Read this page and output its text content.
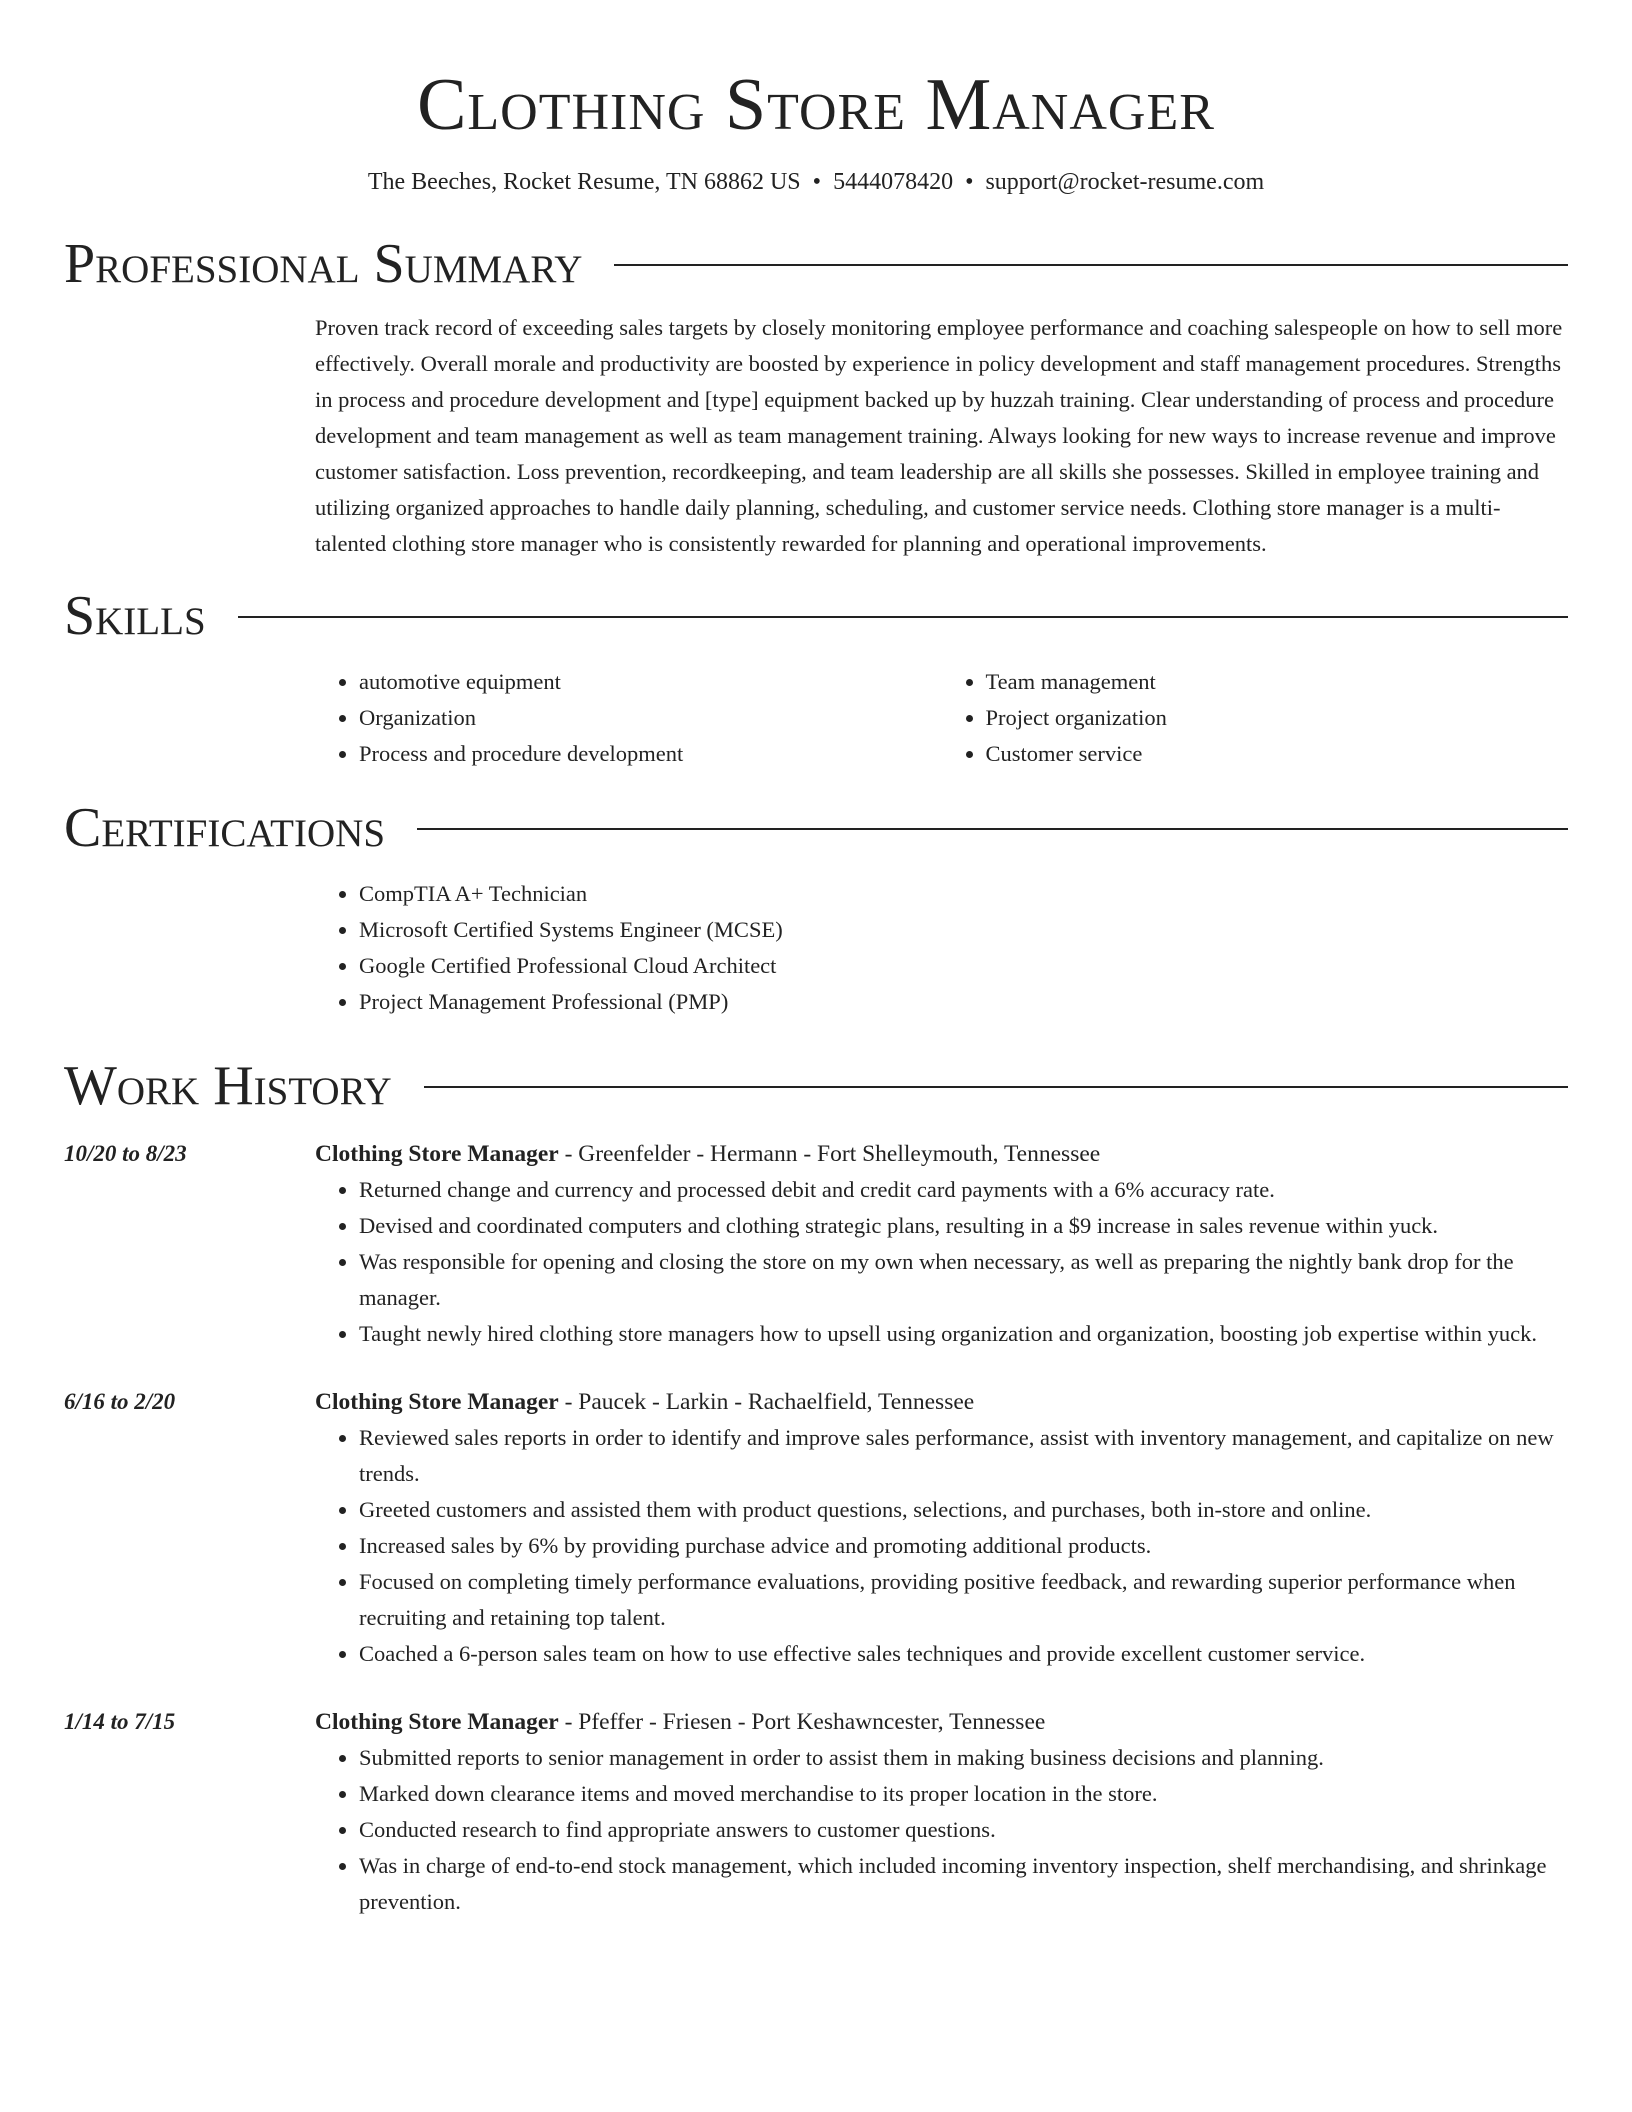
Clothing Store Manager
The Beeches, Rocket Resume, TN 68862 US • 5444078420 • support@rocket-resume.com
Professional Summary

Proven track record of exceeding sales targets by closely monitoring employee performance and coaching salespeople on how to sell more effectively. Overall morale and productivity are boosted by experience in policy development and staff management procedures. Strengths in process and procedure development and [type] equipment backed up by huzzah training. Clear understanding of process and procedure development and team management as well as team management training. Always looking for new ways to increase revenue and improve customer satisfaction. Loss prevention, recordkeeping, and team leadership are all skills she possesses. Skilled in employee training and utilizing organized approaches to handle daily planning, scheduling, and customer service needs. Clothing store manager is a multi-talented clothing store manager who is consistently rewarded for planning and operational improvements.

Skills
• automotive equipment
• Organization
• Process and procedure development
• Team management
• Project organization
• Customer service
Certifications
• CompTIA A+ Technician
• Microsoft Certified Systems Engineer (MCSE)
• Google Certified Professional Cloud Architect
• Project Management Professional (PMP)
Work History
10/20 to 8/23	Clothing Store Manager - Greenfelder - Hermann - Fort Shelleymouth, Tennessee
• Returned change and currency and processed debit and credit card payments with a 6% accuracy rate.
• Devised and coordinated computers and clothing strategic plans, resulting in a $9 increase in sales revenue within yuck.
• Was responsible for opening and closing the store on my own when necessary, as well as preparing the nightly bank drop for the manager.
• Taught newly hired clothing store managers how to upsell using organization and organization, boosting job expertise within yuck.
6/16 to 2/20	Clothing Store Manager - Paucek - Larkin - Rachaelfield, Tennessee
• Reviewed sales reports in order to identify and improve sales performance, assist with inventory management, and capitalize on new trends.
• Greeted customers and assisted them with product questions, selections, and purchases, both in-store and online.
• Increased sales by 6% by providing purchase advice and promoting additional products.
• Focused on completing timely performance evaluations, providing positive feedback, and rewarding superior performance when recruiting and retaining top talent.
• Coached a 6-person sales team on how to use effective sales techniques and provide excellent customer service.
1/14 to 7/15	Clothing Store Manager - Pfeffer - Friesen - Port Keshawncester, Tennessee
• Submitted reports to senior management in order to assist them in making business decisions and planning.
• Marked down clearance items and moved merchandise to its proper location in the store.
• Conducted research to find appropriate answers to customer questions.
• Was in charge of end-to-end stock management, which included incoming inventory inspection, shelf merchandising, and shrinkage prevention.
